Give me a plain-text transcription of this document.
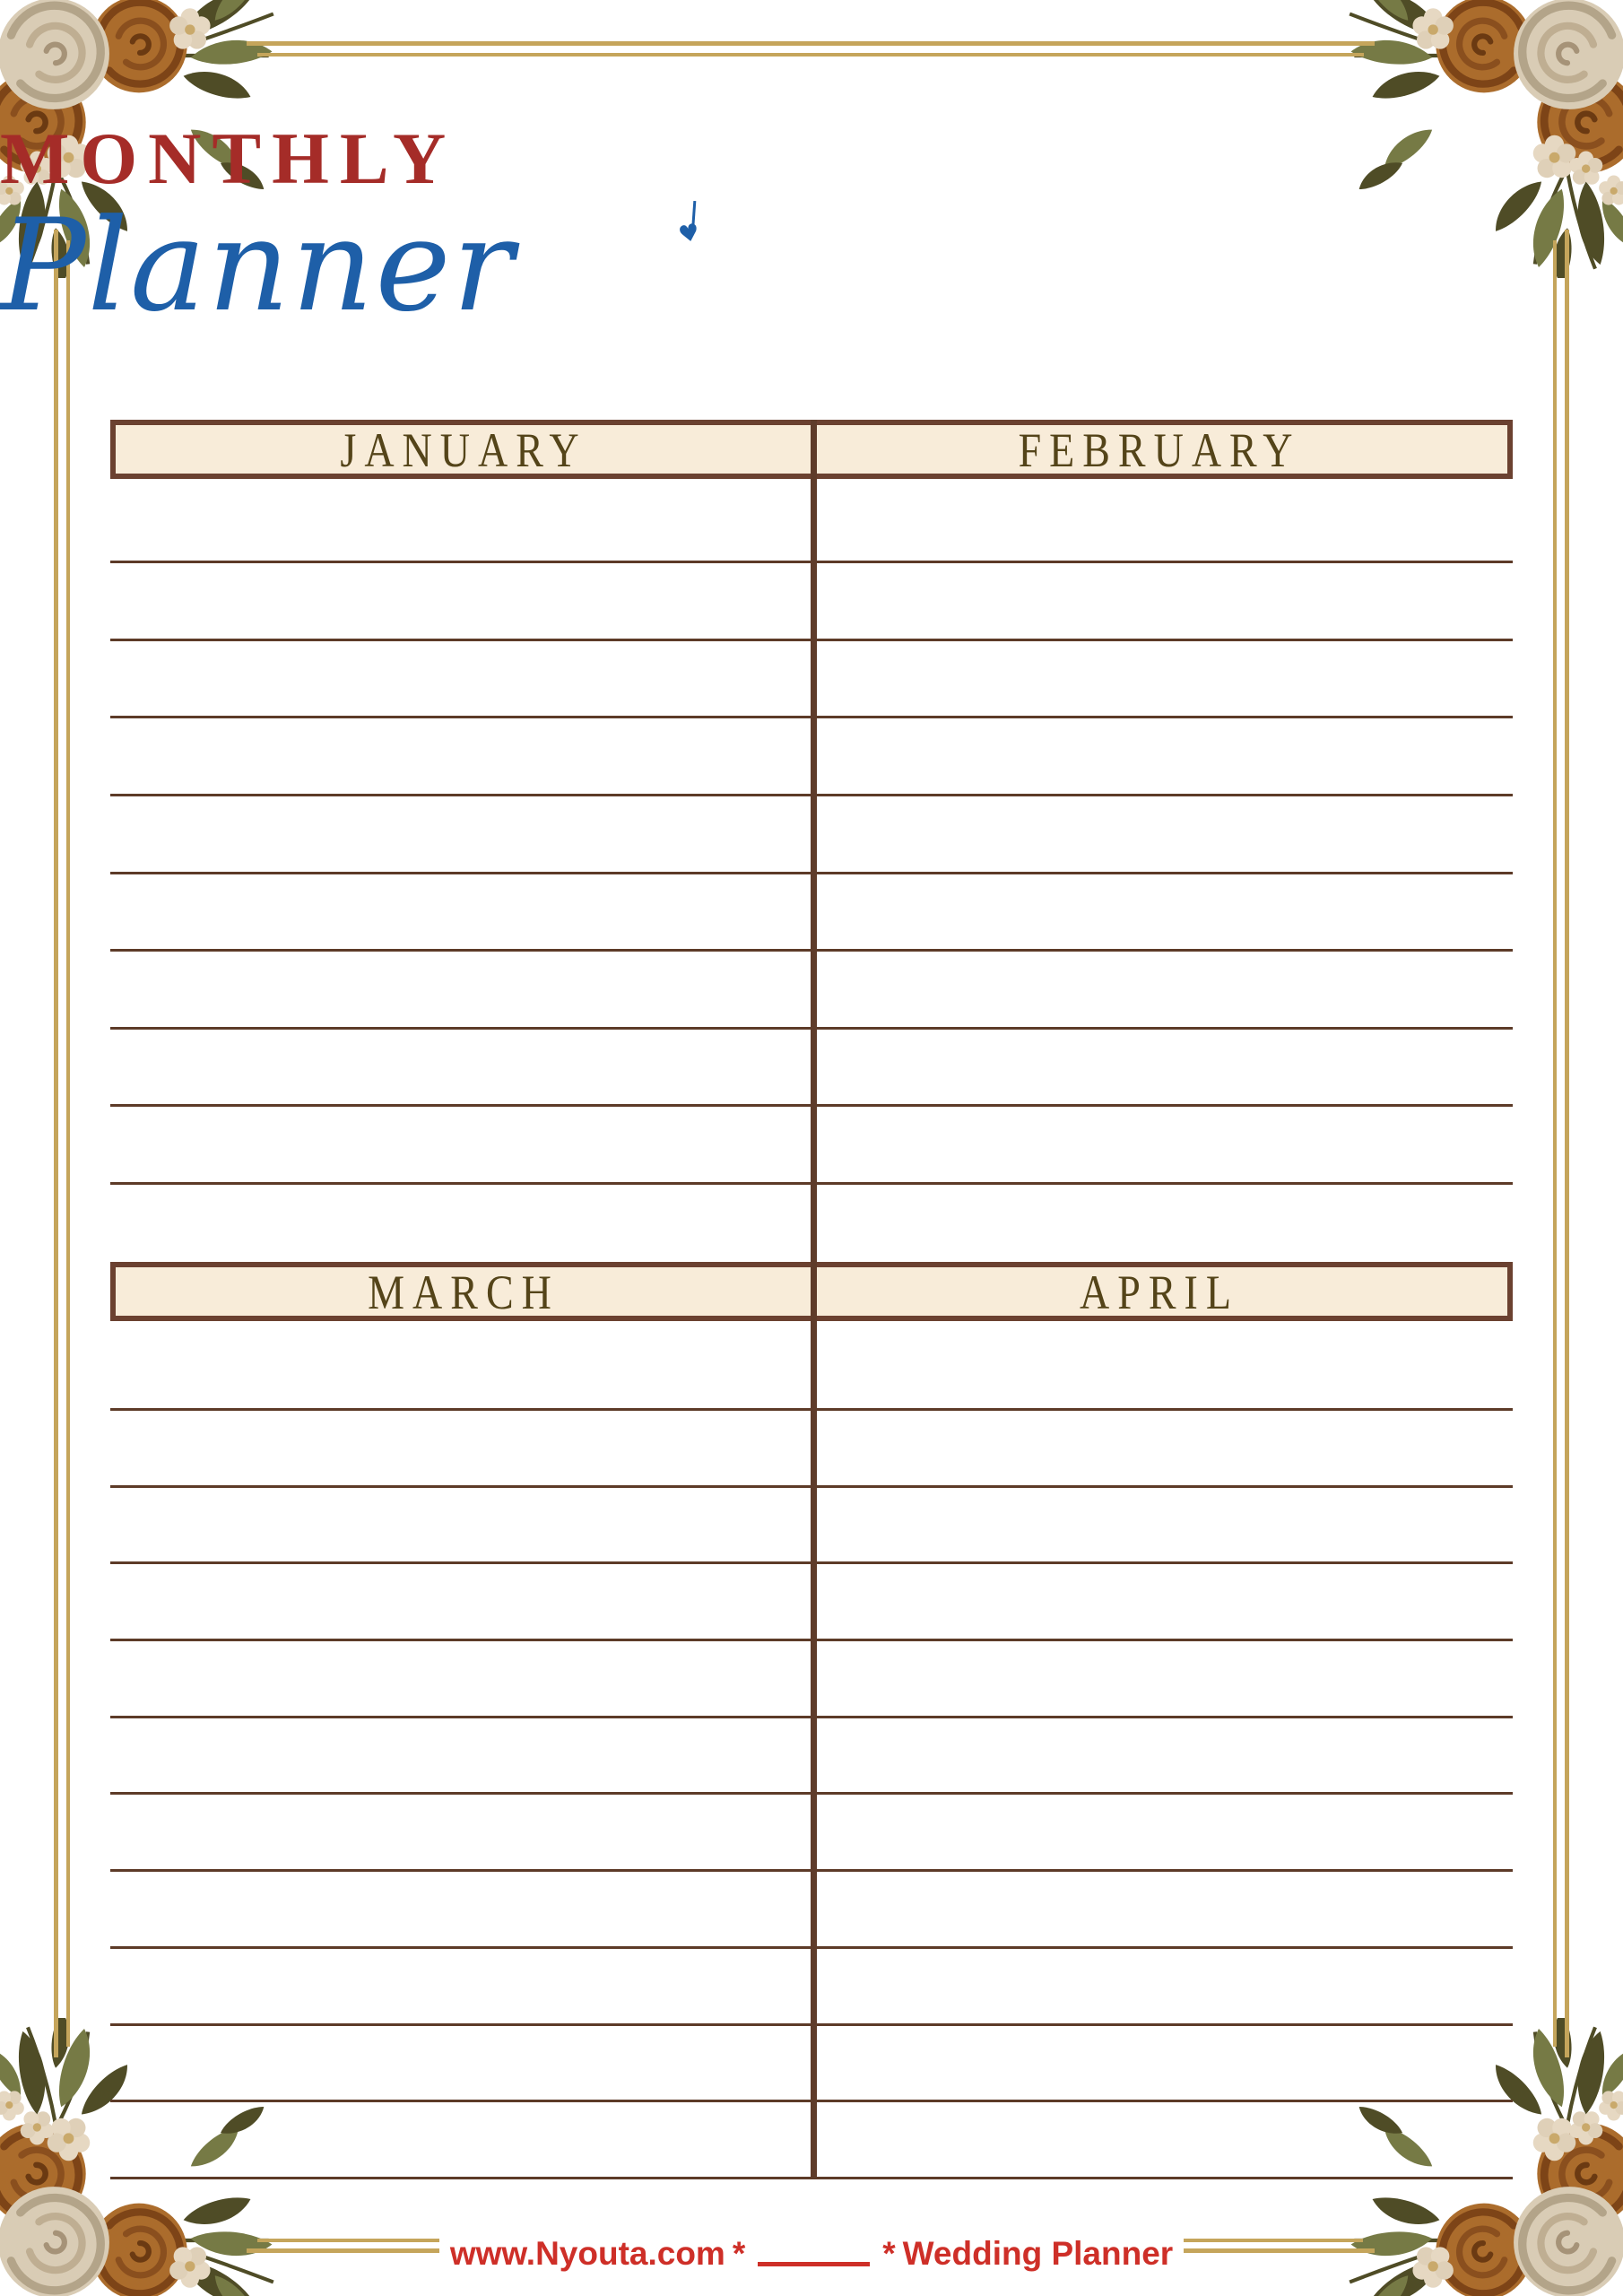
MONTHLY
Planner	♥
JANUARY	FEBRUARY
MARCH	APRIL
www.Nyouta.com *	* Wedding Planner
